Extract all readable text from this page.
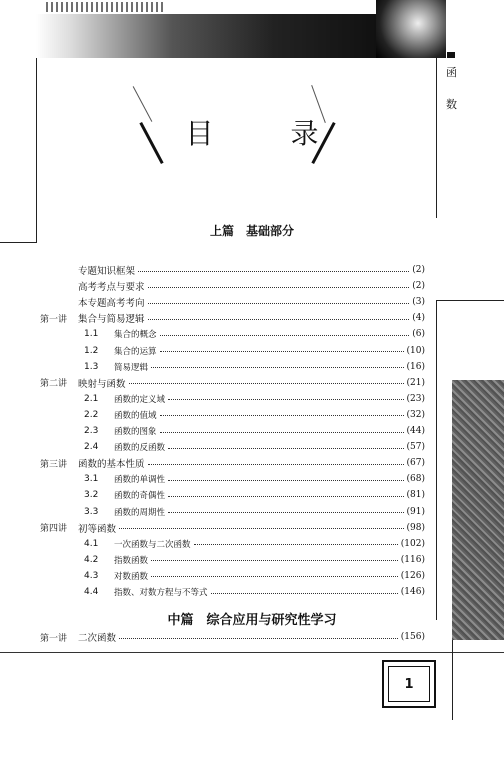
函
数
目 录
上篇　基础部分
专题知识框架	(2)
高考考点与要求	(2)
本专题高考考向	(3)
第一讲	集合与简易逻辑	(4)
1.1	集合的概念	(6)
1.2	集合的运算	(10)
1.3	简易逻辑	(16)
第二讲	映射与函数	(21)
2.1	函数的定义域	(23)
2.2	函数的值域	(32)
2.3	函数的图象	(44)
2.4	函数的反函数	(57)
第三讲	函数的基本性质	(67)
3.1	函数的单调性	(68)
3.2	函数的奇偶性	(81)
3.3	函数的周期性	(91)
第四讲	初等函数	(98)
4.1	一次函数与二次函数	(102)
4.2	指数函数	(116)
4.3	对数函数	(126)
4.4	指数、对数方程与不等式	(146)
中篇　综合应用与研究性学习
第一讲	二次函数	(156)
1
